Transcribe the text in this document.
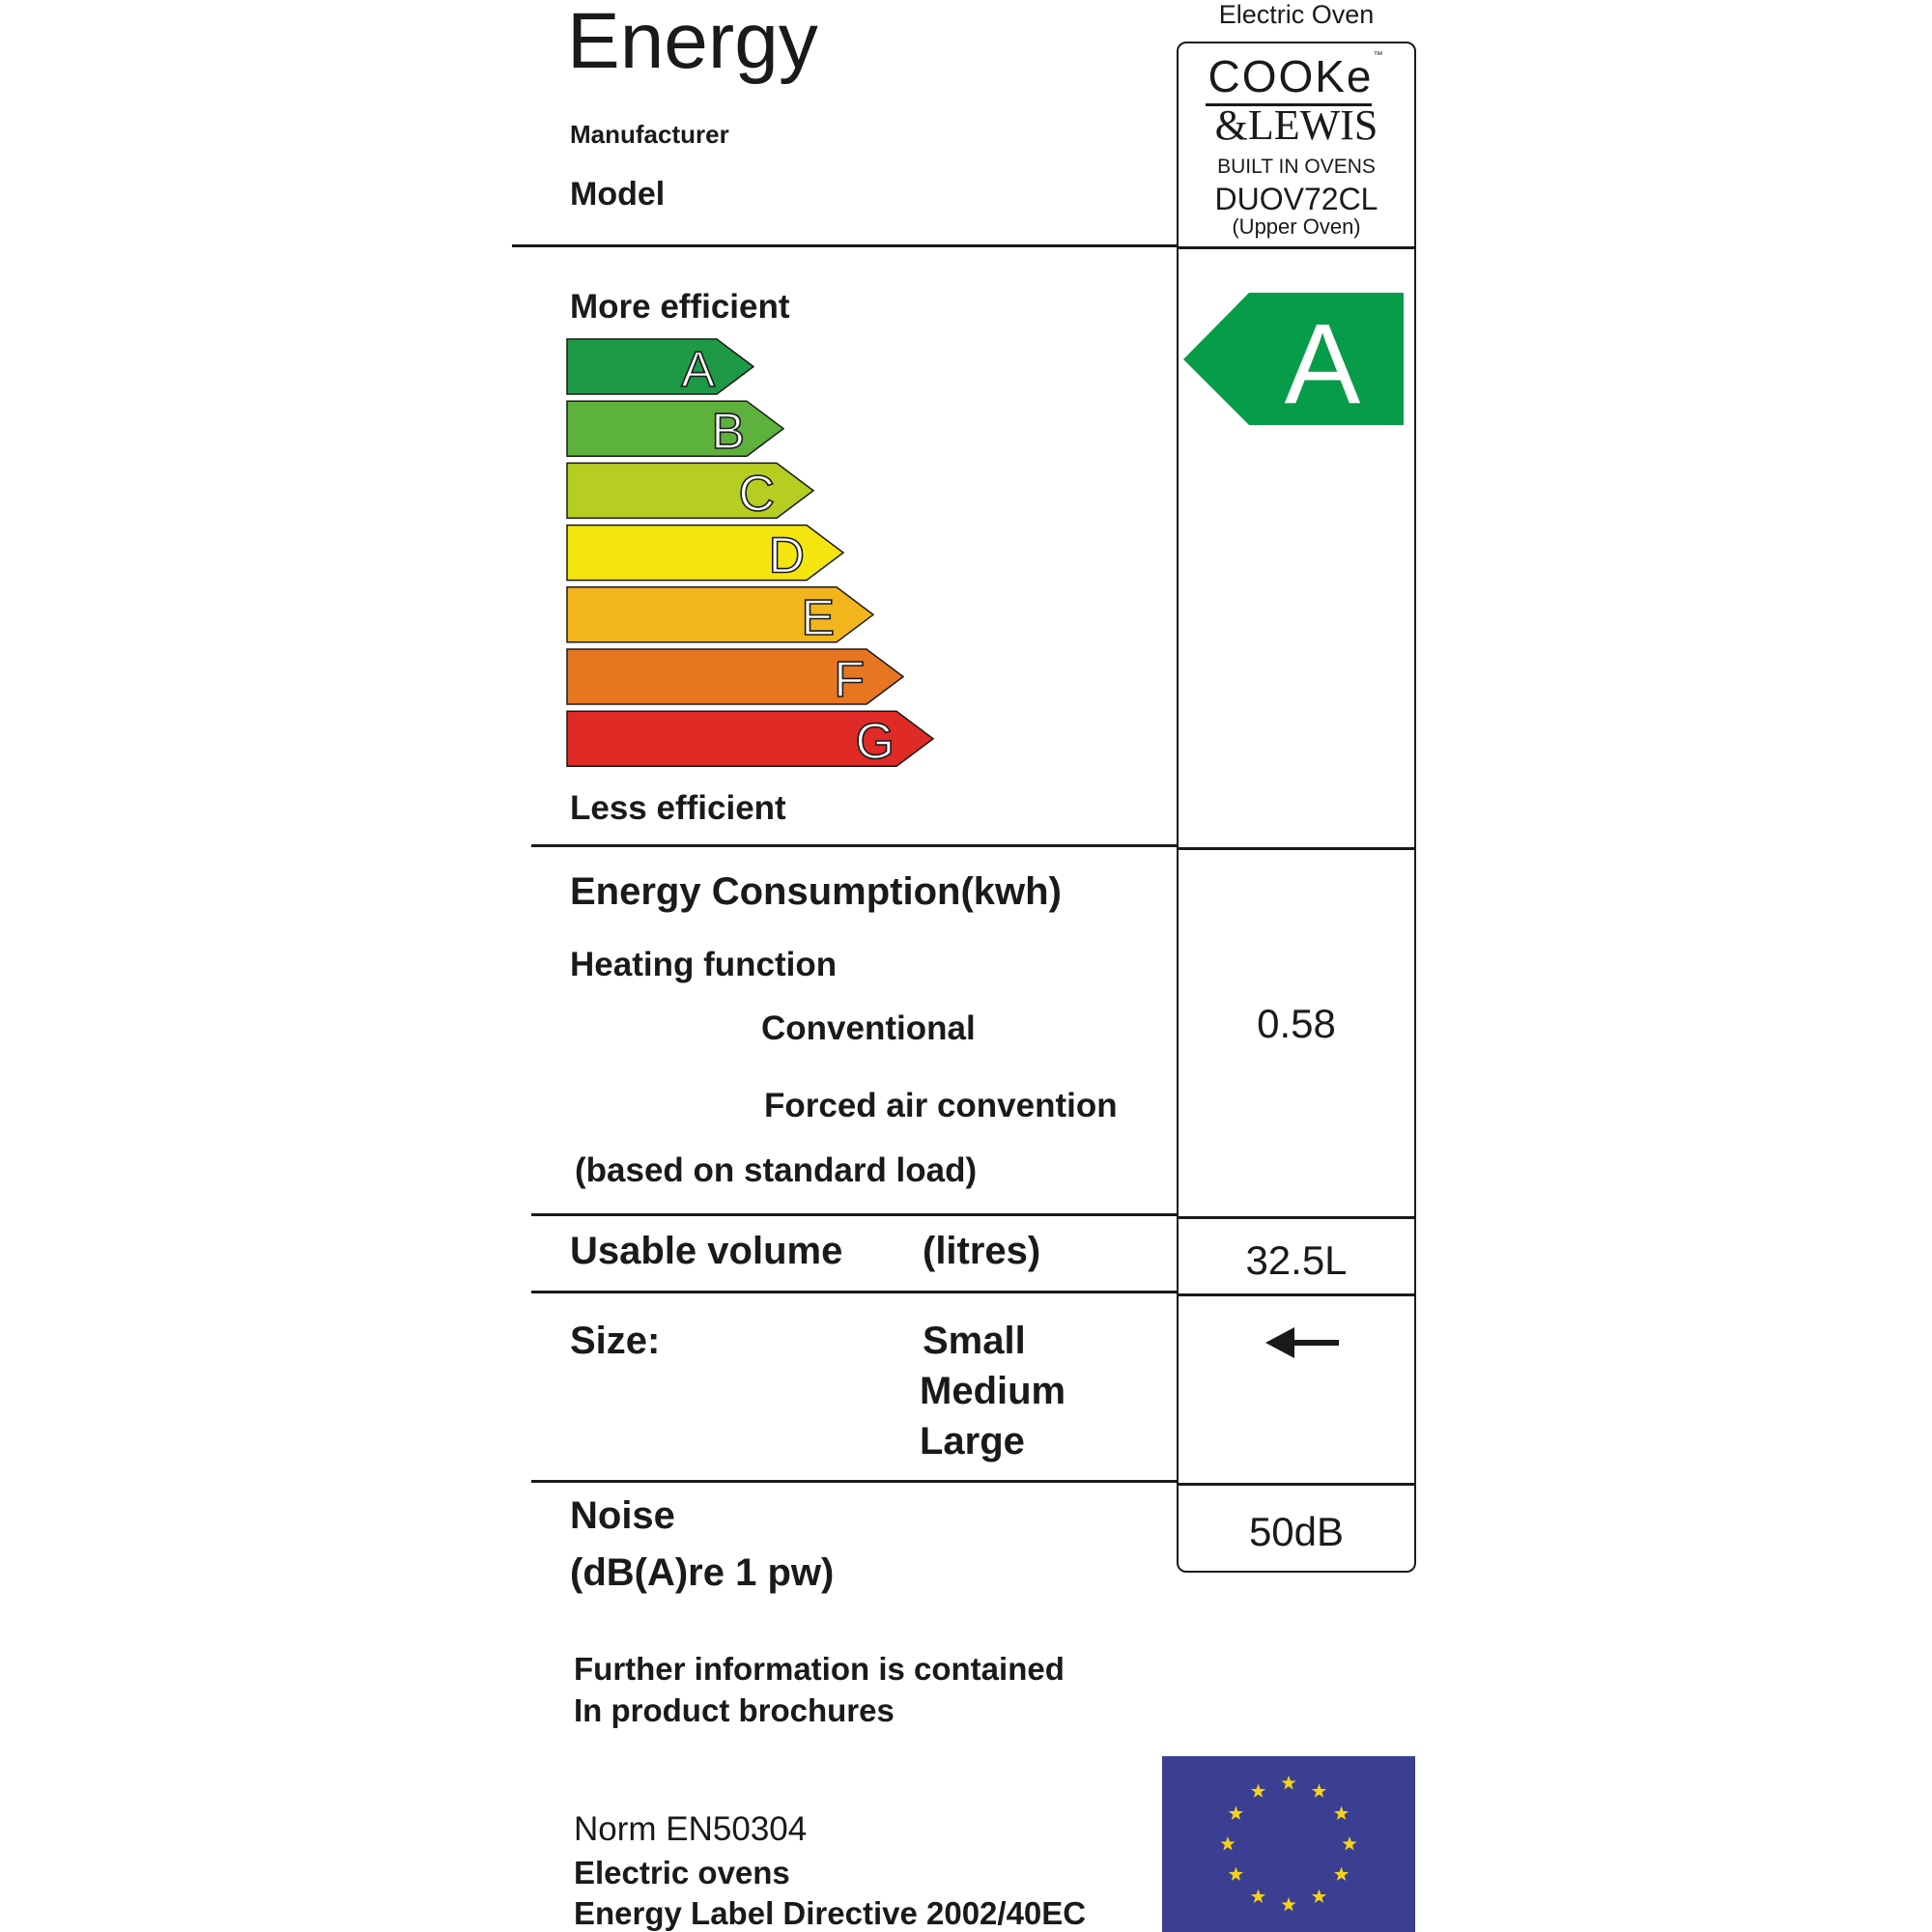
Energy
Manufacturer
Model
Electric Oven
COOKe™
&LEWIS
BUILT IN OVENS
DUOV72CL
(Upper Oven)
More efficient
Less efficient
A
B
C
D
E
F
G
A
Energy Consumption(kwh)
Heating function
Conventional	0.58
Forced air convention
(based on standard load)
Usable volume (litres)	32.5L
Size:	Small
Medium
Large
Noise
(dB(A)re 1 pw)
50dB
Further information is contained
In product brochures
Norm EN50304
Electric ovens
Energy Label Directive 2002/40EC
